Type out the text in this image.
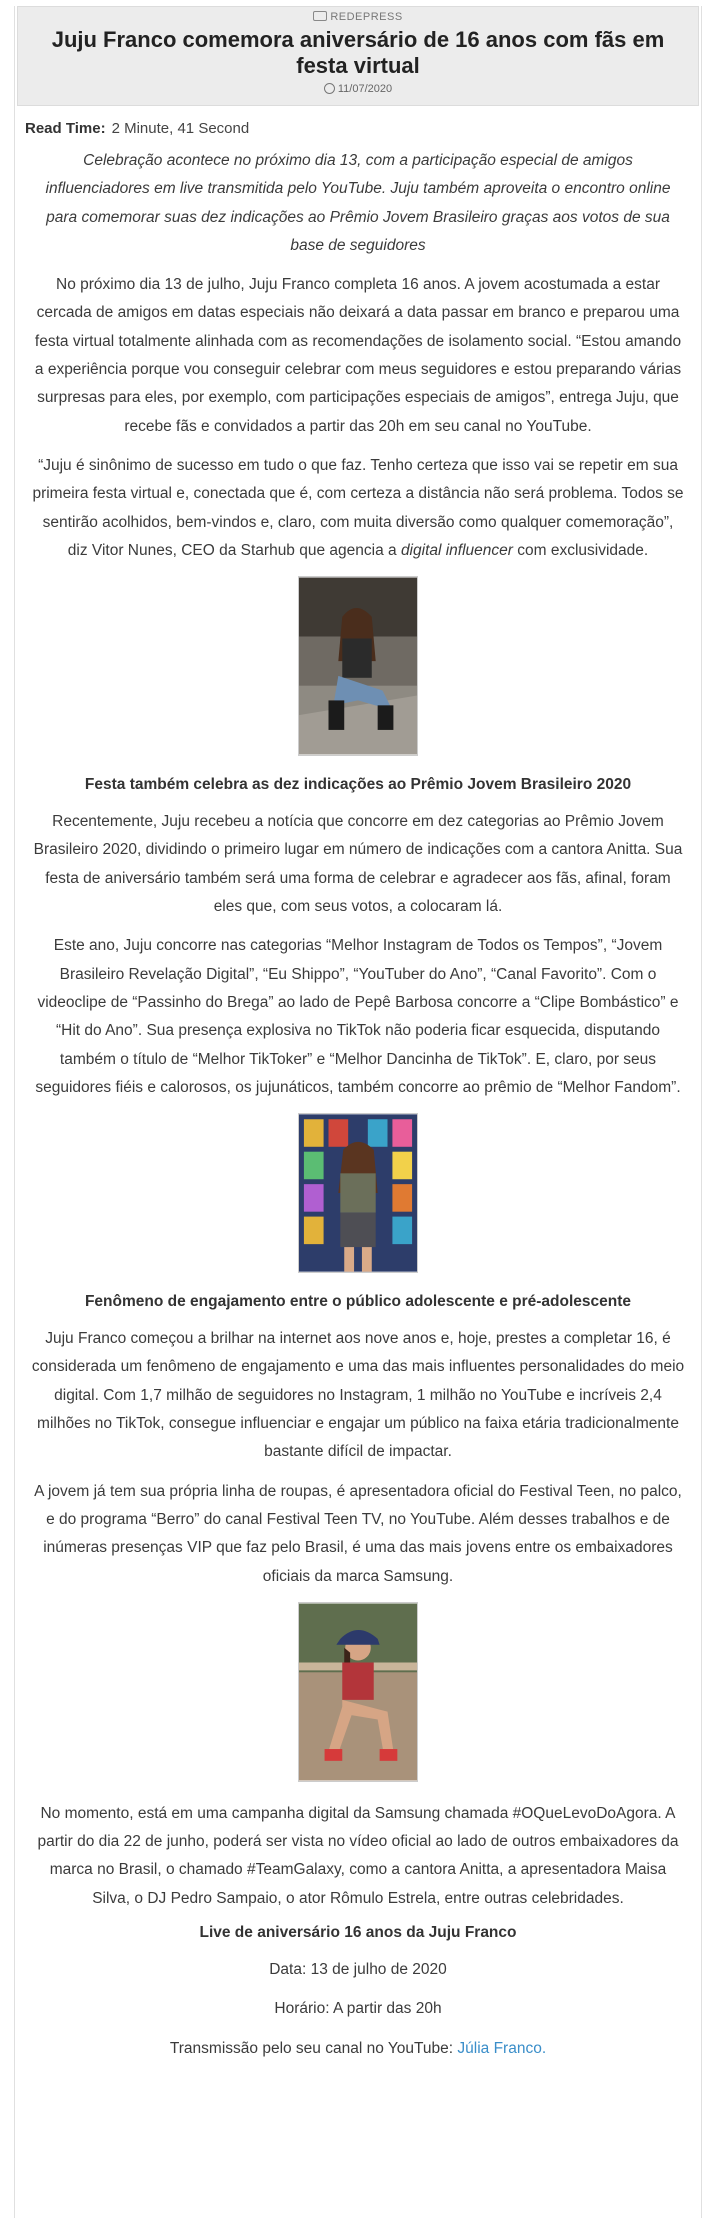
REDEPRESS
Juju Franco comemora aniversário de 16 anos com fãs em festa virtual
11/07/2020
Read Time: 2 Minute, 41 Second

Celebração acontece no próximo dia 13, com a participação especial de amigos influenciadores em live transmitida pelo YouTube. Juju também aproveita o encontro online para comemorar suas dez indicações ao Prêmio Jovem Brasileiro graças aos votos de sua base de seguidores

No próximo dia 13 de julho, Juju Franco completa 16 anos. A jovem acostumada a estar cercada de amigos em datas especiais não deixará a data passar em branco e preparou uma festa virtual totalmente alinhada com as recomendações de isolamento social. “Estou amando a experiência porque vou conseguir celebrar com meus seguidores e estou preparando várias surpresas para eles, por exemplo, com participações especiais de amigos”, entrega Juju, que recebe fãs e convidados a partir das 20h em seu canal no YouTube.

“Juju é sinônimo de sucesso em tudo o que faz. Tenho certeza que isso vai se repetir em sua primeira festa virtual e, conectada que é, com certeza a distância não será problema. Todos se sentirão acolhidos, bem-vindos e, claro, com muita diversão como qualquer comemoração”, diz Vitor Nunes, CEO da Starhub que agencia a digital influencer com exclusividade.

Festa também celebra as dez indicações ao Prêmio Jovem Brasileiro 2020

Recentemente, Juju recebeu a notícia que concorre em dez categorias ao Prêmio Jovem Brasileiro 2020, dividindo o primeiro lugar em número de indicações com a cantora Anitta. Sua festa de aniversário também será uma forma de celebrar e agradecer aos fãs, afinal, foram eles que, com seus votos, a colocaram lá.

Este ano, Juju concorre nas categorias “Melhor Instagram de Todos os Tempos”, “Jovem Brasileiro Revelação Digital”, “Eu Shippo”, “YouTuber do Ano”, “Canal Favorito”. Com o videoclipe de “Passinho do Brega” ao lado de Pepê Barbosa concorre a “Clipe Bombástico” e “Hit do Ano”. Sua presença explosiva no TikTok não poderia ficar esquecida, disputando também o título de “Melhor TikToker” e “Melhor Dancinha de TikTok”. E, claro, por seus seguidores fiéis e calorosos, os jujunáticos, também concorre ao prêmio de “Melhor Fandom”.

Fenômeno de engajamento entre o público adolescente e pré-adolescente

Juju Franco começou a brilhar na internet aos nove anos e, hoje, prestes a completar 16, é considerada um fenômeno de engajamento e uma das mais influentes personalidades do meio digital. Com 1,7 milhão de seguidores no Instagram, 1 milhão no YouTube e incríveis 2,4 milhões no TikTok, consegue influenciar e engajar um público na faixa etária tradicionalmente bastante difícil de impactar.

A jovem já tem sua própria linha de roupas, é apresentadora oficial do Festival Teen, no palco, e do programa “Berro” do canal Festival Teen TV, no YouTube. Além desses trabalhos e de inúmeras presenças VIP que faz pelo Brasil, é uma das mais jovens entre os embaixadores oficiais da marca Samsung.

No momento, está em uma campanha digital da Samsung chamada #OQueLevoDoAgora. A partir do dia 22 de junho, poderá ser vista no vídeo oficial ao lado de outros embaixadores da marca no Brasil, o chamado #TeamGalaxy, como a cantora Anitta, a apresentadora Maisa Silva, o DJ Pedro Sampaio, o ator Rômulo Estrela, entre outras celebridades.

Live de aniversário 16 anos da Juju Franco

Data: 13 de julho de 2020

Horário: A partir das 20h

Transmissão pelo seu canal no YouTube: Júlia Franco.
